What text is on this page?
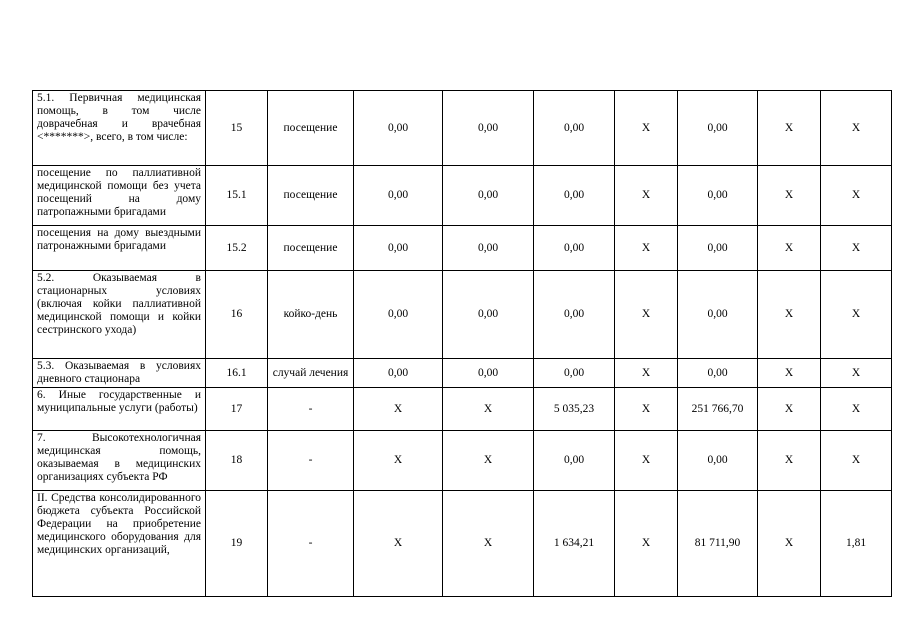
5.1. Первичная медицинская помощь, в том числе доврачебная и врачебная <*******>, всего, в том числе:	15	посещение	0,00	0,00	0,00	X	0,00	X	X

посещение по паллиативной медицинской помощи без учета посещений на дому патропажными бригадами	15.1	посещение	0,00	0,00	0,00	X	0,00	X	X

посещения на дому выездными патронажными бригадами	15.2	посещение	0,00	0,00	0,00	X	0,00	X	X

5.2. Оказываемая в стационарных условиях (включая койки паллиативной медицинской помощи и койки сестринского ухода)	16	койко-день	0,00	0,00	0,00	X	0,00	X	X

5.3. Оказываемая в условиях дневного стационара	16.1	случай лечения	0,00	0,00	0,00	X	0,00	X	X

6. Иные государственные и муниципальные услуги (работы)	17	-	X	X	5 035,23	X	251 766,70	X	X

7. Высокотехнологичная медицинская помощь, оказываемая в медицинских организациях субъекта РФ	18	-	X	X	0,00	X	0,00	X	X

II. Средства консолидированного бюджета субъекта Российской Федерации на приобретение медицинского оборудования для медицинских организаций,	19	-	X	X	1 634,21	X	81 711,90	X	1,81
